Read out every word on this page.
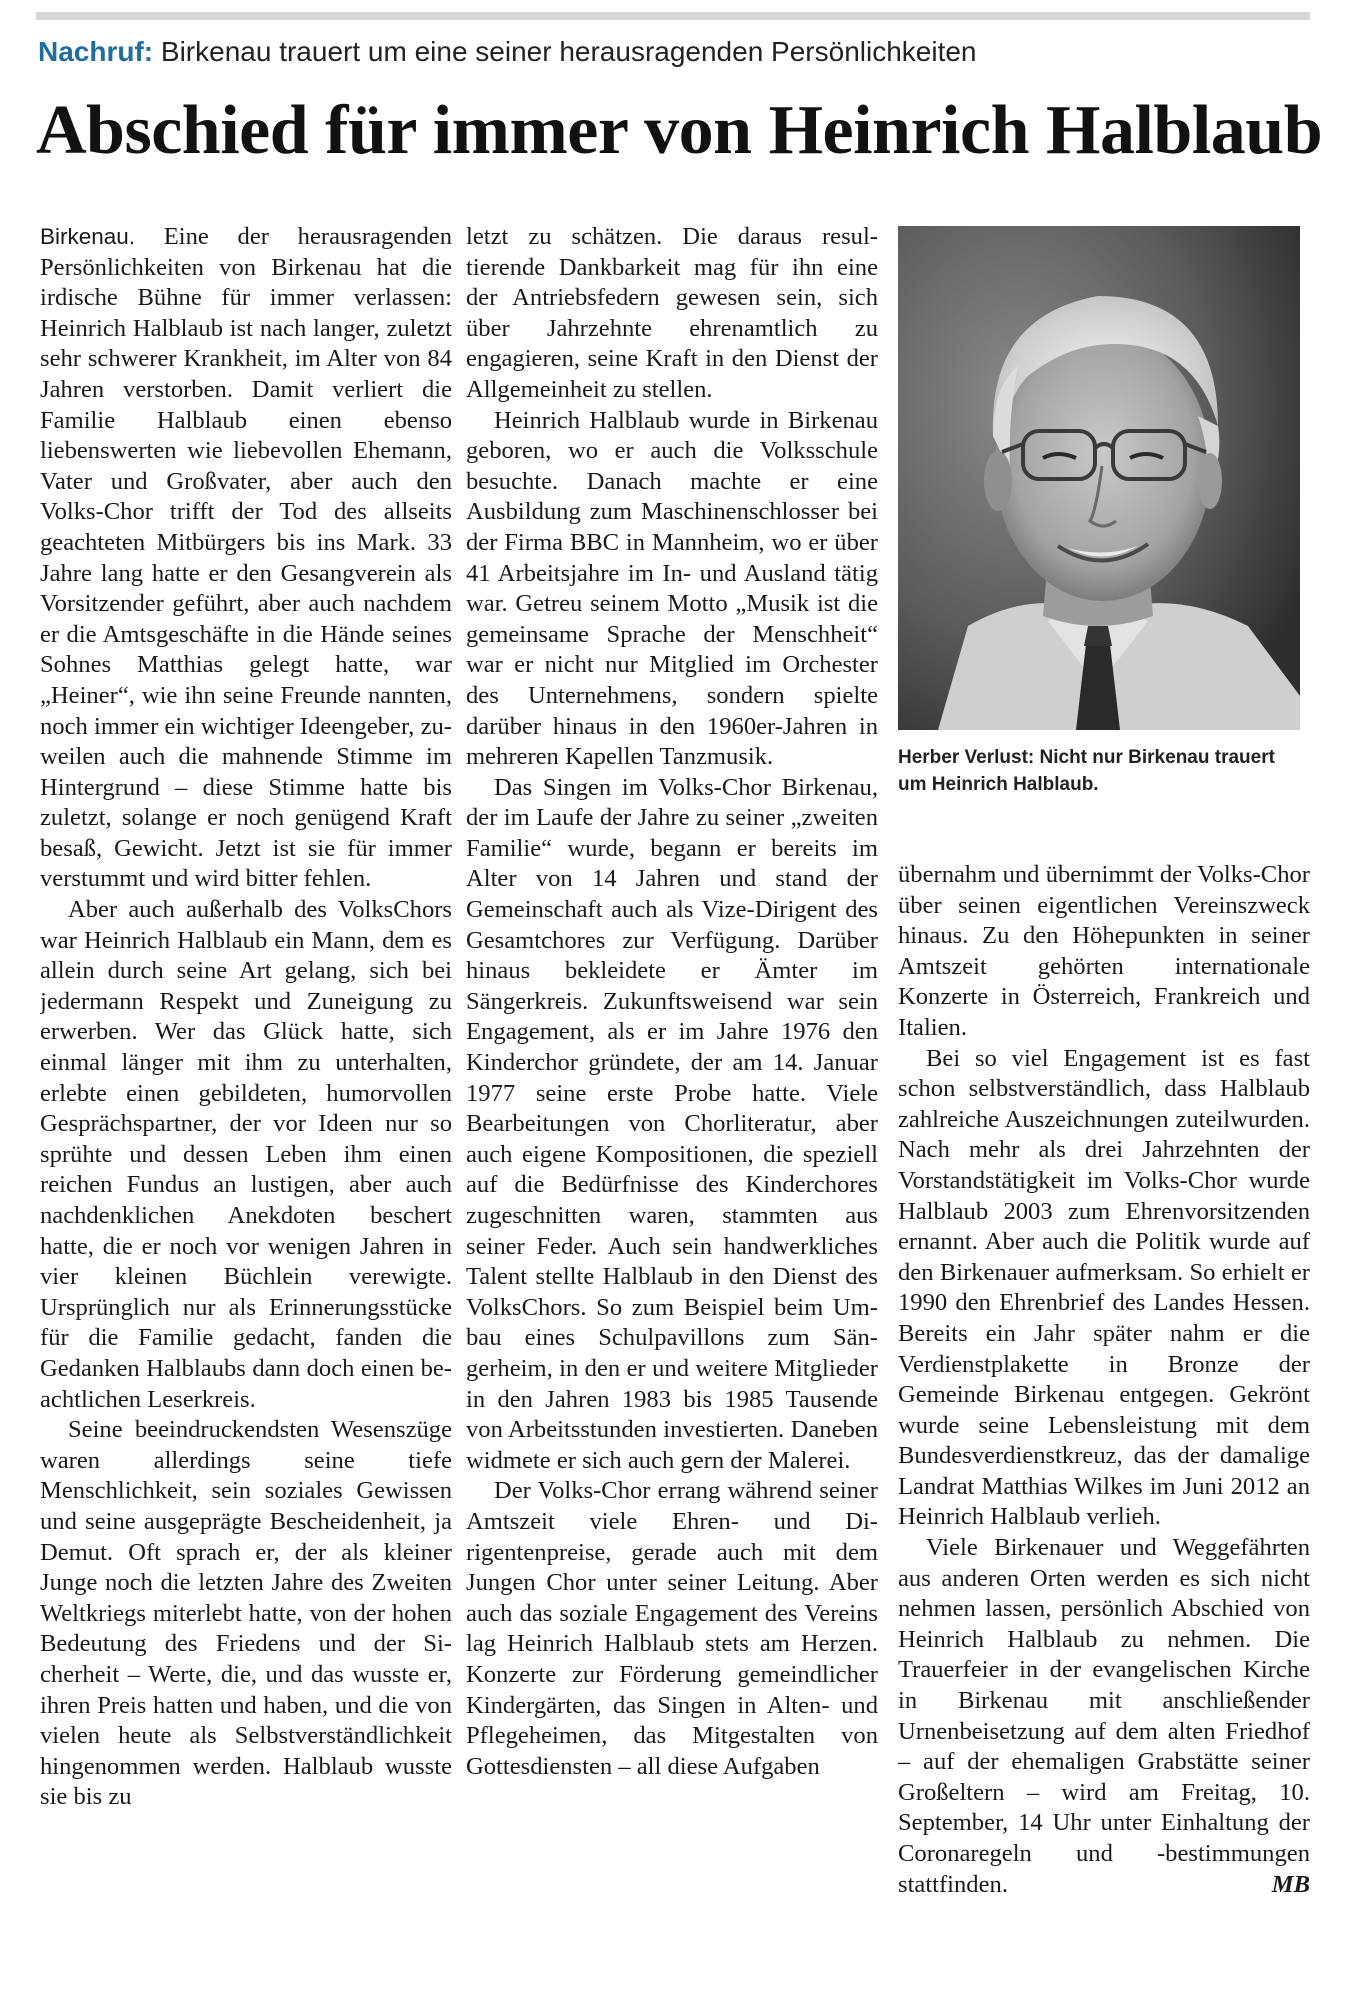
Nachruf: Birkenau trauert um eine seiner herausragenden Persönlichkeiten
Abschied für immer von Heinrich Halblaub

Birkenau. Eine der herausragenden Persönlichkeiten von Birkenau hat die irdische Bühne für immer verlassen: Heinrich Halblaub ist nach langer, zuletzt sehr schwerer Krankheit, im Alter von 84 Jahren verstorben. Damit verliert die Familie Halblaub einen ebenso liebenswerten wie liebevollen Ehemann, Vater und Großvater, aber auch den Volks-Chor trifft der Tod des allseits geachteten Mitbürgers bis ins Mark. 33 Jahre lang hatte er den Gesangverein als Vorsitzender geführt, aber auch nachdem er die Amtsgeschäfte in die Hände seines Sohnes Matthias gelegt hatte, war „Heiner“, wie ihn seine Freunde nannten, noch immer ein wichtiger Ideengeber, zuweilen auch die mahnende Stimme im Hintergrund – diese Stimme hatte bis zuletzt, solange er noch genügend Kraft besaß, Gewicht. Jetzt ist sie für immer verstummt und wird bitter fehlen.

Aber auch außerhalb des VolksChors war Heinrich Halblaub ein Mann, dem es allein durch seine Art gelang, sich bei jedermann Respekt und Zuneigung zu erwerben. Wer das Glück hatte, sich einmal länger mit ihm zu unterhalten, erlebte einen gebildeten, humorvollen Gesprächspartner, der vor Ideen nur so sprühte und dessen Leben ihm einen reichen Fundus an lustigen, aber auch nachdenklichen Anekdoten beschert hatte, die er noch vor wenigen Jahren in vier kleinen Büchlein verewigte. Ursprünglich nur als Erinnerungsstücke für die Familie gedacht, fanden die Gedanken Halblaubs dann doch einen beachtlichen Leserkreis.

Seine beeindruckendsten Wesenszüge waren allerdings seine tiefe Menschlichkeit, sein soziales Gewissen und seine ausgeprägte Bescheidenheit, ja Demut. Oft sprach er, der als kleiner Junge noch die letzten Jahre des Zweiten Weltkriegs miterlebt hatte, von der hohen Bedeutung des Friedens und der Sicherheit – Werte, die, und das wusste er, ihren Preis hatten und haben, und die von vielen heute als Selbstverständlichkeit hingenommen werden. Halblaub wusste sie bis zu

letzt zu schätzen. Die daraus resultierende Dankbarkeit mag für ihn eine der Antriebsfedern gewesen sein, sich über Jahrzehnte ehrenamtlich zu engagieren, seine Kraft in den Dienst der Allgemeinheit zu stellen.

Heinrich Halblaub wurde in Birkenau geboren, wo er auch die Volksschule besuchte. Danach machte er eine Ausbildung zum Maschinenschlosser bei der Firma BBC in Mannheim, wo er über 41 Arbeitsjahre im In- und Ausland tätig war. Getreu seinem Motto „Musik ist die gemeinsame Sprache der Menschheit“ war er nicht nur Mitglied im Orchester des Unternehmens, sondern spielte darüber hinaus in den 1960er-Jahren in mehreren Kapellen Tanzmusik.

Das Singen im Volks-Chor Birkenau, der im Laufe der Jahre zu seiner „zweiten Familie“ wurde, begann er bereits im Alter von 14 Jahren und stand der Gemeinschaft auch als Vize-Dirigent des Gesamtchores zur Verfügung. Darüber hinaus bekleidete er Ämter im Sängerkreis. Zukunftsweisend war sein Engagement, als er im Jahre 1976 den Kinderchor gründete, der am 14. Januar 1977 seine erste Probe hatte. Viele Bearbeitungen von Chorliteratur, aber auch eigene Kompositionen, die speziell auf die Bedürfnisse des Kinderchores zugeschnitten waren, stammten aus seiner Feder. Auch sein handwerkliches Talent stellte Halblaub in den Dienst des VolksChors. So zum Beispiel beim Umbau eines Schulpavillons zum Sängerheim, in den er und weitere Mitglieder in den Jahren 1983 bis 1985 Tausende von Arbeitsstunden investierten. Daneben widmete er sich auch gern der Malerei.

Der Volks-Chor errang während seiner Amtszeit viele Ehren- und Dirigentenpreise, gerade auch mit dem Jungen Chor unter seiner Leitung. Aber auch das soziale Engagement des Vereins lag Heinrich Halblaub stets am Herzen. Konzerte zur Förderung gemeindlicher Kindergärten, das Singen in Alten- und Pflegeheimen, das Mitgestalten von Gottesdiensten – all diese Aufgaben

Herber Verlust: Nicht nur Birkenau trauert um Heinrich Halblaub.

übernahm und übernimmt der Volks-Chor über seinen eigentlichen Vereinszweck hinaus. Zu den Höhepunkten in seiner Amtszeit gehörten internationale Konzerte in Österreich, Frankreich und Italien.

Bei so viel Engagement ist es fast schon selbstverständlich, dass Halblaub zahlreiche Auszeichnungen zuteilwurden. Nach mehr als drei Jahrzehnten der Vorstandstätigkeit im Volks-Chor wurde Halblaub 2003 zum Ehrenvorsitzenden ernannt. Aber auch die Politik wurde auf den Birkenauer aufmerksam. So erhielt er 1990 den Ehrenbrief des Landes Hessen. Bereits ein Jahr später nahm er die Verdienstplakette in Bronze der Gemeinde Birkenau entgegen. Gekrönt wurde seine Lebensleistung mit dem Bundesverdienstkreuz, das der damalige Landrat Matthias Wilkes im Juni 2012 an Heinrich Halblaub verlieh.

Viele Birkenauer und Weggefährten aus anderen Orten werden es sich nicht nehmen lassen, persönlich Abschied von Heinrich Halblaub zu nehmen. Die Trauerfeier in der evangelischen Kirche in Birkenau mit anschließender Urnenbeisetzung auf dem alten Friedhof – auf der ehemaligen Grabstätte seiner Großeltern – wird am Freitag, 10. September, 14 Uhr unter Einhaltung der Coronaregeln und -bestimmungen stattfinden.	MB
